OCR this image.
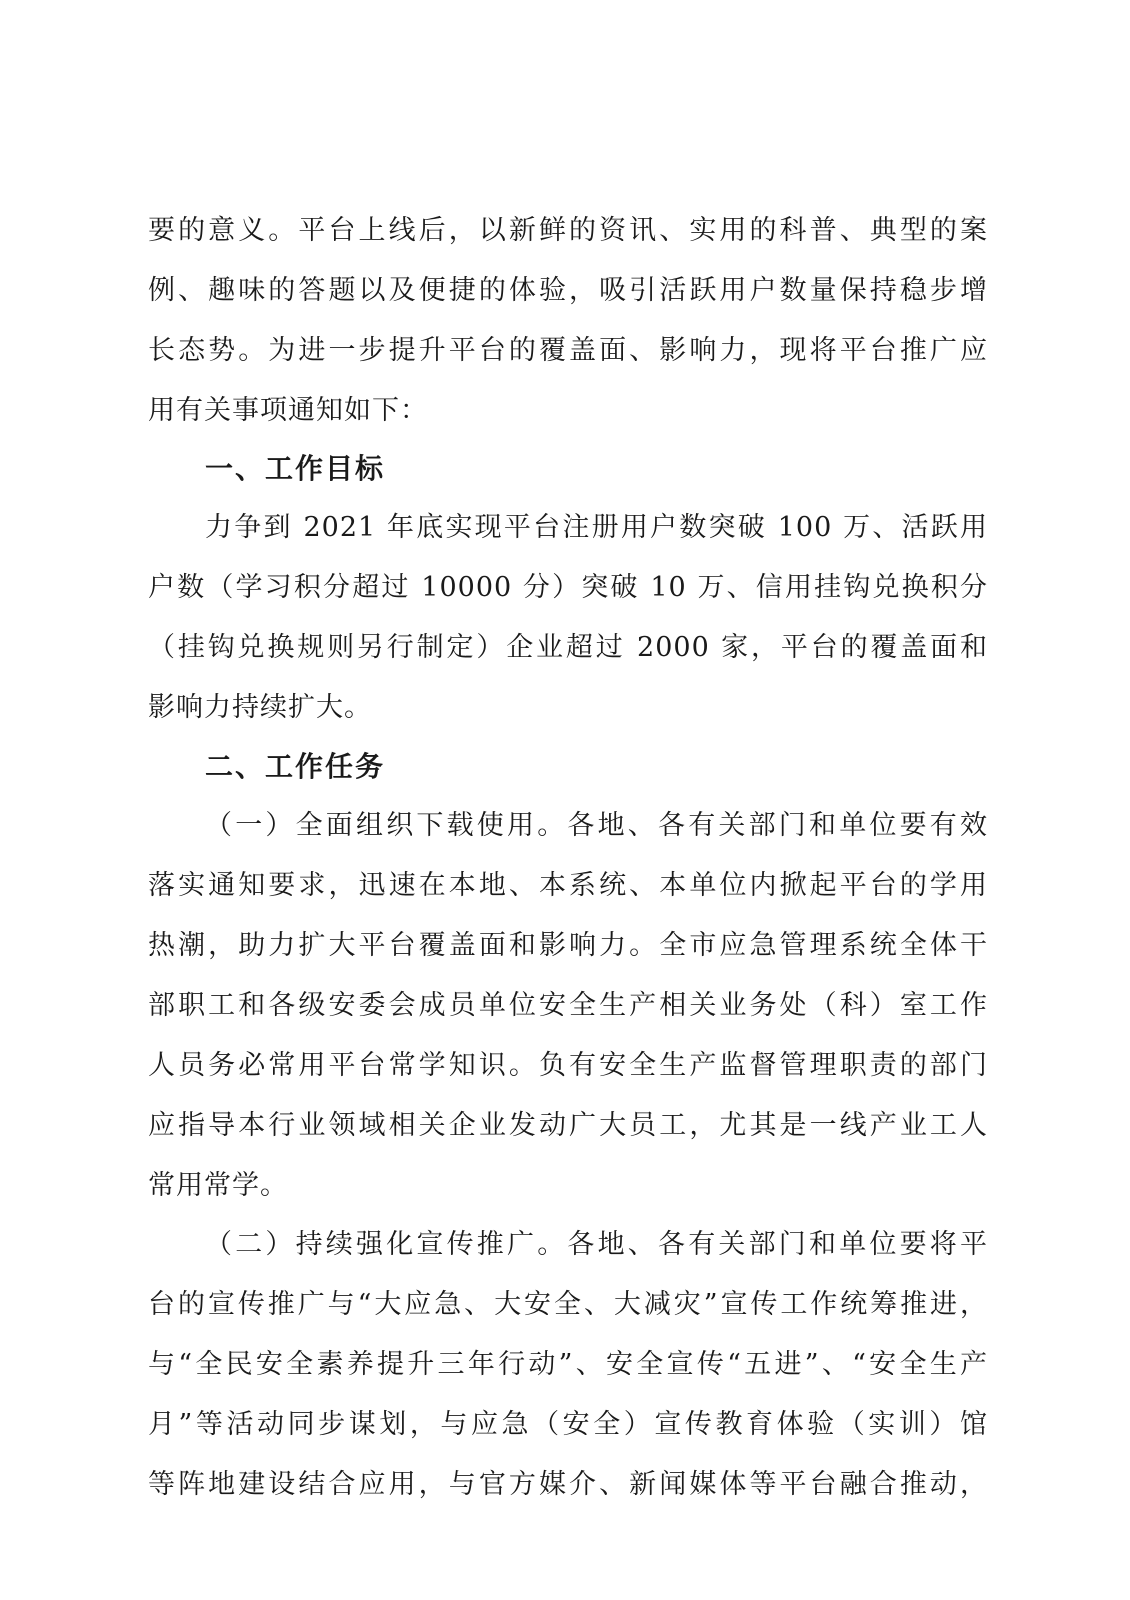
要的意义。平台上线后，以新鲜的资讯、实用的科普、典型的案
例、趣味的答题以及便捷的体验，吸引活跃用户数量保持稳步增
长态势。为进一步提升平台的覆盖面、影响力，现将平台推广应
用有关事项通知如下：
一、工作目标
力争到 2021 年底实现平台注册用户数突破 100 万、活跃用
户数（学习积分超过 10000 分）突破 10 万、信用挂钩兑换积分
（挂钩兑换规则另行制定）企业超过 2000 家，平台的覆盖面和
影响力持续扩大。
二、工作任务
（一）全面组织下载使用。各地、各有关部门和单位要有效
落实通知要求，迅速在本地、本系统、本单位内掀起平台的学用
热潮，助力扩大平台覆盖面和影响力。全市应急管理系统全体干
部职工和各级安委会成员单位安全生产相关业务处（科）室工作
人员务必常用平台常学知识。负有安全生产监督管理职责的部门
应指导本行业领域相关企业发动广大员工，尤其是一线产业工人
常用常学。
（二）持续强化宣传推广。各地、各有关部门和单位要将平
台的宣传推广与“大应急、大安全、大减灾”宣传工作统筹推进，
与“全民安全素养提升三年行动”、安全宣传“五进”、“安全生产
月”等活动同步谋划，与应急（安全）宣传教育体验（实训）馆
等阵地建设结合应用，与官方媒介、新闻媒体等平台融合推动，
